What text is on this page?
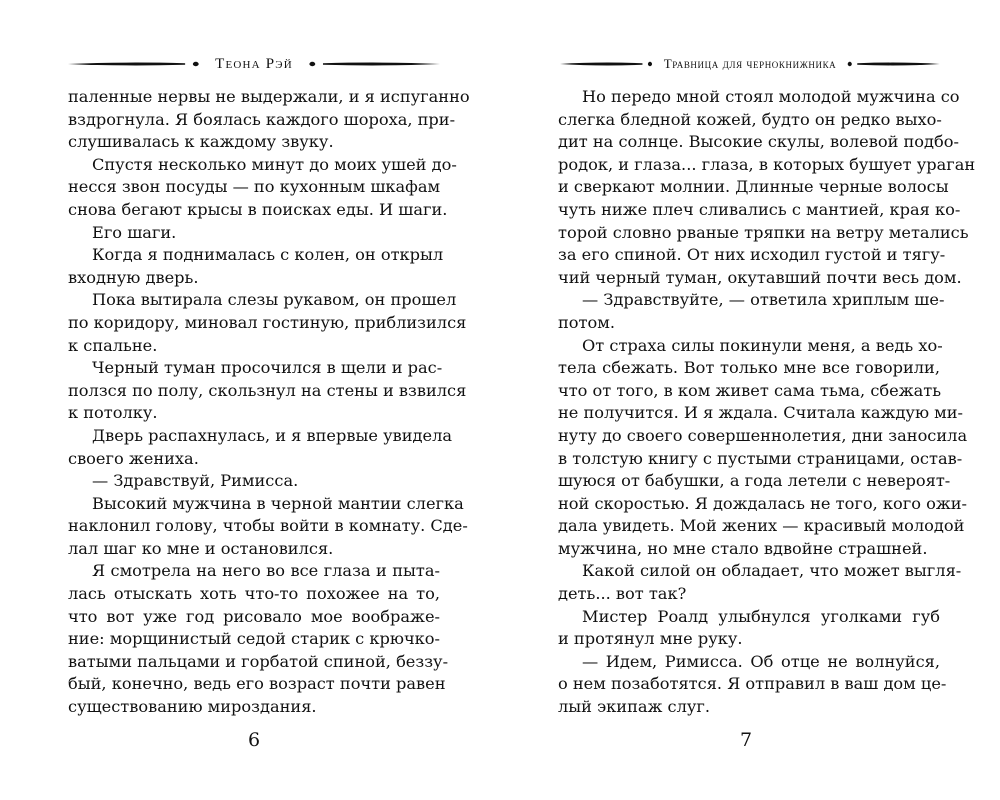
Теона Рэй
паленные нервы не выдержали, и я испуганно
вздрогнула. Я боялась каждого шороха, при-
слушивалась к каждому звуку.
Спустя несколько минут до моих ушей до-
несся звон посуды — по кухонным шкафам
снова бегают крысы в поисках еды. И шаги.
Его шаги.
Когда я поднималась с колен, он открыл
входную дверь.
Пока вытирала слезы рукавом, он прошел
по коридору, миновал гостиную, приблизился
к спальне.
Черный туман просочился в щели и рас-
ползся по полу, скользнул на стены и взвился
к потолку.
Дверь распахнулась, и я впервые увидела
своего жениха.
— Здравствуй, Римисса.
Высокий мужчина в черной мантии слегка
наклонил голову, чтобы войти в комнату. Сде-
лал шаг ко мне и остановился.
Я смотрела на него во все глаза и пыта-
лась отыскать хоть что-то похожее на то,
что вот уже год рисовало мое воображе-
ние: морщинистый седой старик с крючко-
ватыми пальцами и горбатой спиной, беззу-
бый, конечно, ведь его возраст почти равен
существованию мироздания.
6
Травница для чернокнижника
Но передо мной стоял молодой мужчина со
слегка бледной кожей, будто он редко выхо-
дит на солнце. Высокие скулы, волевой подбо-
родок, и глаза... глаза, в которых бушует ураган
и сверкают молнии. Длинные черные волосы
чуть ниже плеч сливались с мантией, края ко-
торой словно рваные тряпки на ветру метались
за его спиной. От них исходил густой и тягу-
чий черный туман, окутавший почти весь дом.
— Здравствуйте, — ответила хриплым ше-
потом.
От страха силы покинули меня, а ведь хо-
тела сбежать. Вот только мне все говорили,
что от того, в ком живет сама тьма, сбежать
не получится. И я ждала. Считала каждую ми-
нуту до своего совершеннолетия, дни заносила
в толстую книгу с пустыми страницами, остав-
шуюся от бабушки, а года летели с невероят-
ной скоростью. Я дождалась не того, кого ожи-
дала увидеть. Мой жених — красивый молодой
мужчина, но мне стало вдвойне страшней.
Какой силой он обладает, что может выгля-
деть... вот так?
Мистер Роалд улыбнулся уголками губ
и протянул мне руку.
— Идем, Римисса. Об отце не волнуйся,
о нем позаботятся. Я отправил в ваш дом це-
лый экипаж слуг.
7
